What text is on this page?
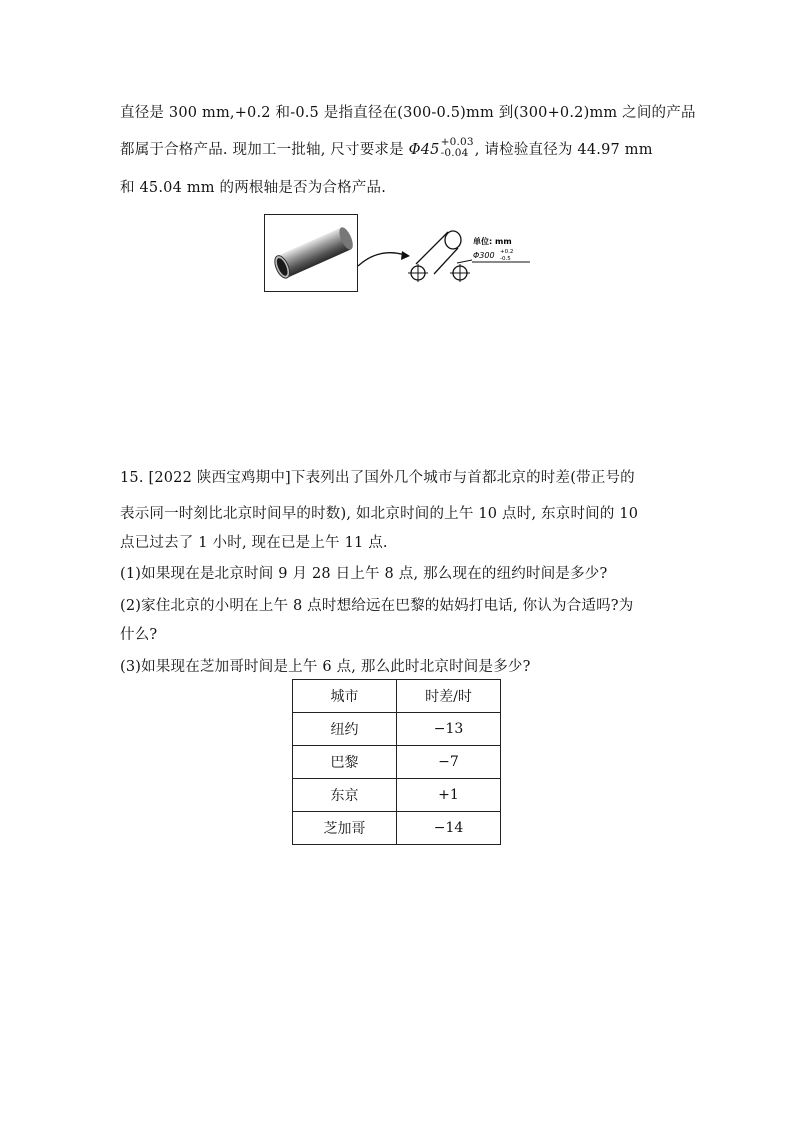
直径是 300 mm,+0.2 和-0.5 是指直径在(300-0.5)mm 到(300+0.2)mm 之间的产品
都属于合格产品. 现加工一批轴, 尺寸要求是 Φ45 +0.03
-0.04 , 请检验直径为 44.97 mm
和 45.04 mm 的两根轴是否为合格产品.
单位: mm
Φ300 +0.2
-0.5
15. [2022 陕西宝鸡期中]下表列出了国外几个城市与首都北京的时差(带正号的
表示同一时刻比北京时间早的时数), 如北京时间的上午 10 点时, 东京时间的 10
点已过去了 1 小时, 现在已是上午 11 点.
(1)如果现在是北京时间 9 月 28 日上午 8 点, 那么现在的纽约时间是多少?
(2)家住北京的小明在上午 8 点时想给远在巴黎的姑妈打电话, 你认为合适吗?为
什么?
(3)如果现在芝加哥时间是上午 6 点, 那么此时北京时间是多少?
城市	时差/时
纽约	−13
巴黎	−7
东京	+1
芝加哥	−14
